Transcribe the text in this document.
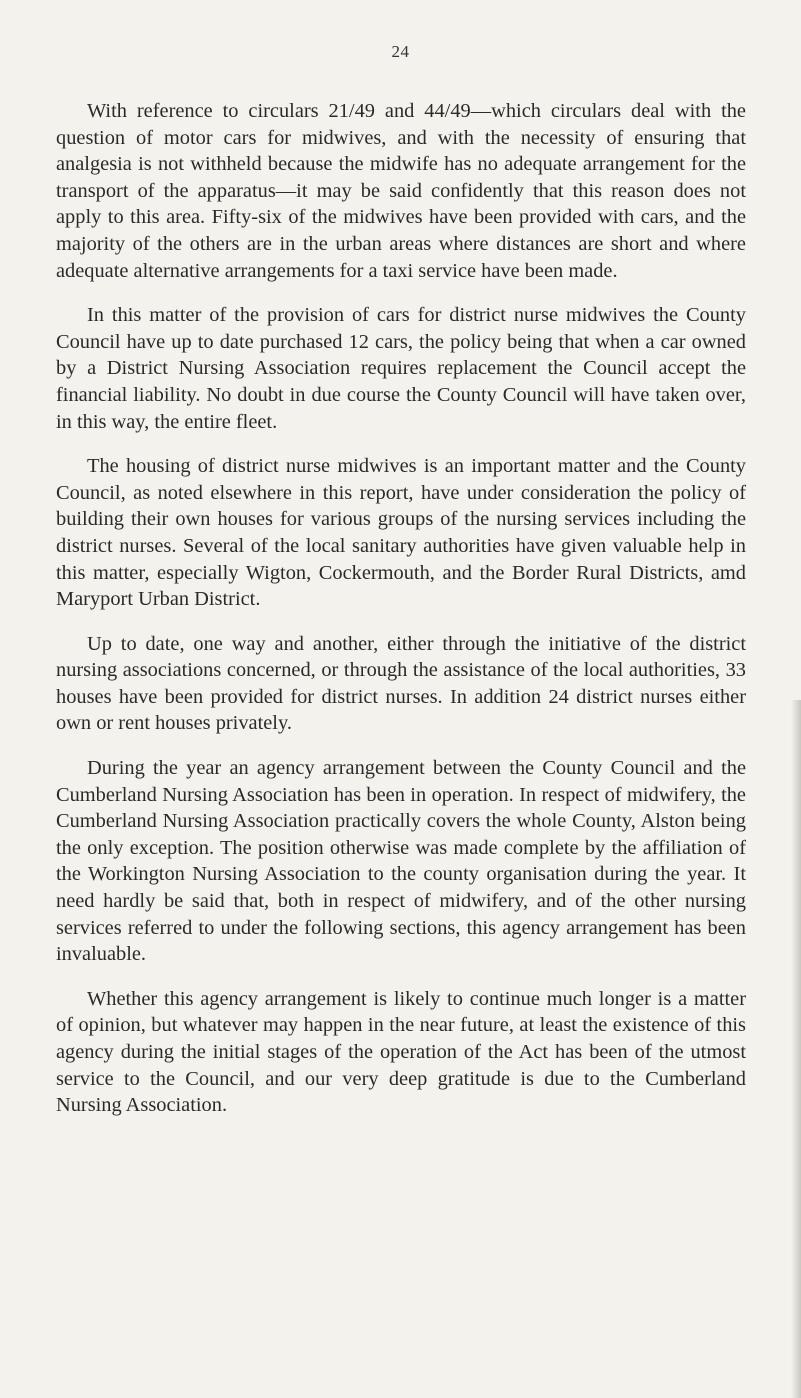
24

With reference to circulars 21/49 and 44/49—which circulars deal with the question of motor cars for midwives, and with the necessity of ensuring that analgesia is not withheld because the midwife has no adequate arrangement for the transport of the apparatus—it may be said confidently that this reason does not apply to this area. Fifty-six of the midwives have been provided with cars, and the majority of the others are in the urban areas where distances are short and where adequate alternative arrangements for a taxi service have been made.

In this matter of the provision of cars for district nurse midwives the County Council have up to date purchased 12 cars, the policy being that when a car owned by a District Nursing Association requires replacement the Council accept the financial liability. No doubt in due course the County Council will have taken over, in this way, the entire fleet.

The housing of district nurse midwives is an important matter and the County Council, as noted elsewhere in this report, have under consideration the policy of building their own houses for various groups of the nursing services including the district nurses. Several of the local sanitary authorities have given valuable help in this matter, especially Wigton, Cockermouth, and the Border Rural Districts, amd Maryport Urban District.

Up to date, one way and another, either through the initiative of the district nursing associations concerned, or through the assistance of the local authorities, 33 houses have been provided for district nurses. In addition 24 district nurses either own or rent houses privately.

During the year an agency arrangement between the County Council and the Cumberland Nursing Association has been in operation. In respect of midwifery, the Cumberland Nursing Association practically covers the whole County, Alston being the only exception. The position otherwise was made complete by the affiliation of the Workington Nursing Association to the county organisation during the year. It need hardly be said that, both in respect of midwifery, and of the other nursing services referred to under the following sections, this agency arrangement has been invaluable.

Whether this agency arrangement is likely to continue much longer is a matter of opinion, but whatever may happen in the near future, at least the existence of this agency during the initial stages of the operation of the Act has been of the utmost service to the Council, and our very deep gratitude is due to the Cumberland Nursing Association.
